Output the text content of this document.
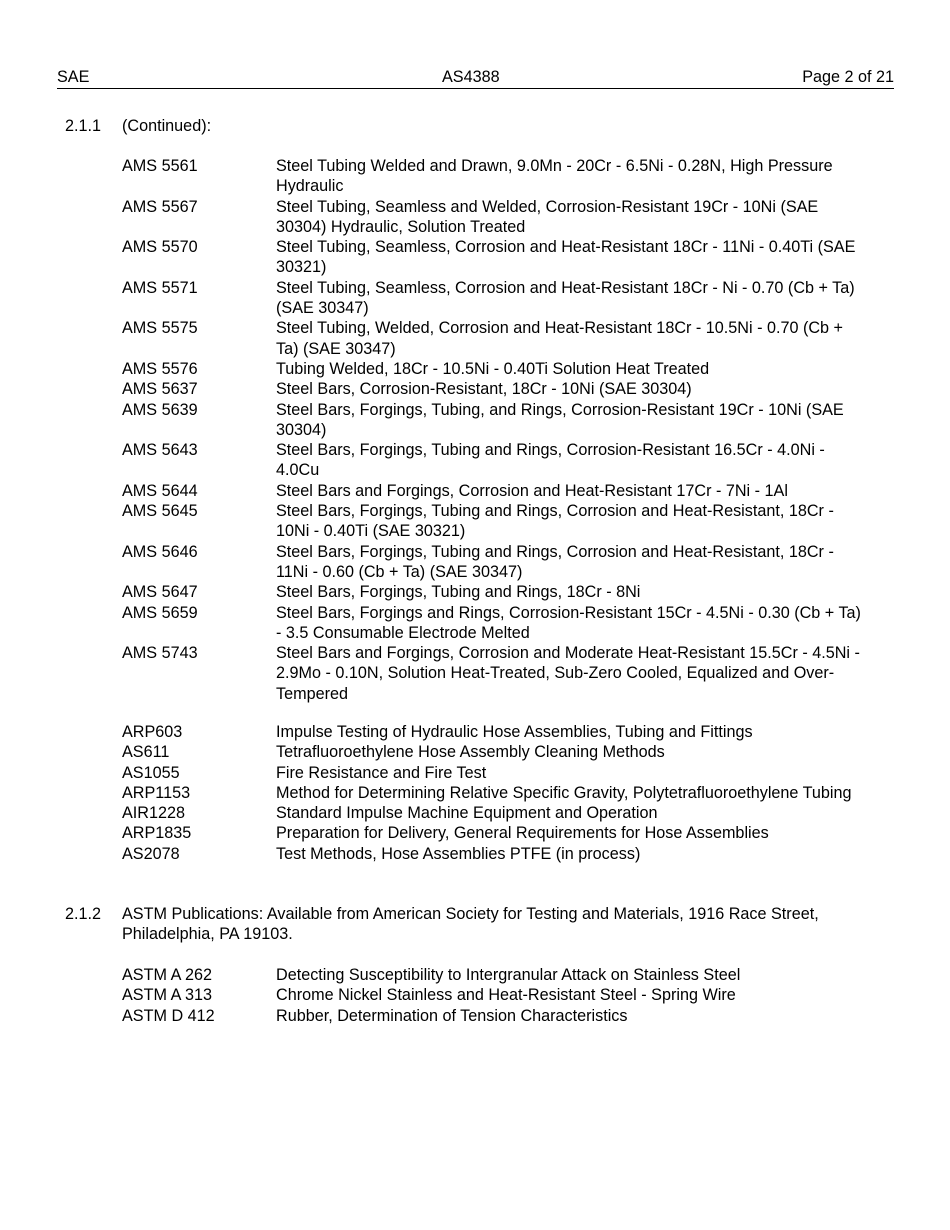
SAE	AS4388	Page 2 of 21
2.1.1 (Continued):
AMS 5561	Steel Tubing Welded and Drawn, 9.0Mn - 20Cr - 6.5Ni - 0.28N, High Pressure Hydraulic
AMS 5567	Steel Tubing, Seamless and Welded, Corrosion-Resistant 19Cr - 10Ni (SAE 30304) Hydraulic, Solution Treated
AMS 5570	Steel Tubing, Seamless, Corrosion and Heat-Resistant 18Cr - 11Ni - 0.40Ti (SAE 30321)
AMS 5571	Steel Tubing, Seamless, Corrosion and Heat-Resistant 18Cr - Ni - 0.70 (Cb + Ta) (SAE 30347)
AMS 5575	Steel Tubing, Welded, Corrosion and Heat-Resistant 18Cr - 10.5Ni - 0.70 (Cb + Ta) (SAE 30347)
AMS 5576	Tubing Welded, 18Cr - 10.5Ni - 0.40Ti Solution Heat Treated
AMS 5637	Steel Bars, Corrosion-Resistant, 18Cr - 10Ni (SAE 30304)
AMS 5639	Steel Bars, Forgings, Tubing, and Rings, Corrosion-Resistant 19Cr - 10Ni (SAE 30304)
AMS 5643	Steel Bars, Forgings, Tubing and Rings, Corrosion-Resistant 16.5Cr - 4.0Ni - 4.0Cu
AMS 5644	Steel Bars and Forgings, Corrosion and Heat-Resistant 17Cr - 7Ni - 1Al
AMS 5645	Steel Bars, Forgings, Tubing and Rings, Corrosion and Heat-Resistant, 18Cr - 10Ni - 0.40Ti (SAE 30321)
AMS 5646	Steel Bars, Forgings, Tubing and Rings, Corrosion and Heat-Resistant, 18Cr - 11Ni - 0.60 (Cb + Ta) (SAE 30347)
AMS 5647	Steel Bars, Forgings, Tubing and Rings, 18Cr - 8Ni
AMS 5659	Steel Bars, Forgings and Rings, Corrosion-Resistant 15Cr - 4.5Ni - 0.30 (Cb + Ta) - 3.5 Consumable Electrode Melted
AMS 5743	Steel Bars and Forgings, Corrosion and Moderate Heat-Resistant 15.5Cr - 4.5Ni - 2.9Mo - 0.10N, Solution Heat-Treated, Sub-Zero Cooled, Equalized and Over-Tempered
ARP603	Impulse Testing of Hydraulic Hose Assemblies, Tubing and Fittings
AS611	Tetrafluoroethylene Hose Assembly Cleaning Methods
AS1055	Fire Resistance and Fire Test
ARP1153	Method for Determining Relative Specific Gravity, Polytetrafluoroethylene Tubing
AIR1228	Standard Impulse Machine Equipment and Operation
ARP1835	Preparation for Delivery, General Requirements for Hose Assemblies
AS2078	Test Methods, Hose Assemblies PTFE (in process)
2.1.2 ASTM Publications: Available from American Society for Testing and Materials, 1916 Race Street, Philadelphia, PA 19103.
ASTM A 262	Detecting Susceptibility to Intergranular Attack on Stainless Steel
ASTM A 313	Chrome Nickel Stainless and Heat-Resistant Steel - Spring Wire
ASTM D 412	Rubber, Determination of Tension Characteristics
